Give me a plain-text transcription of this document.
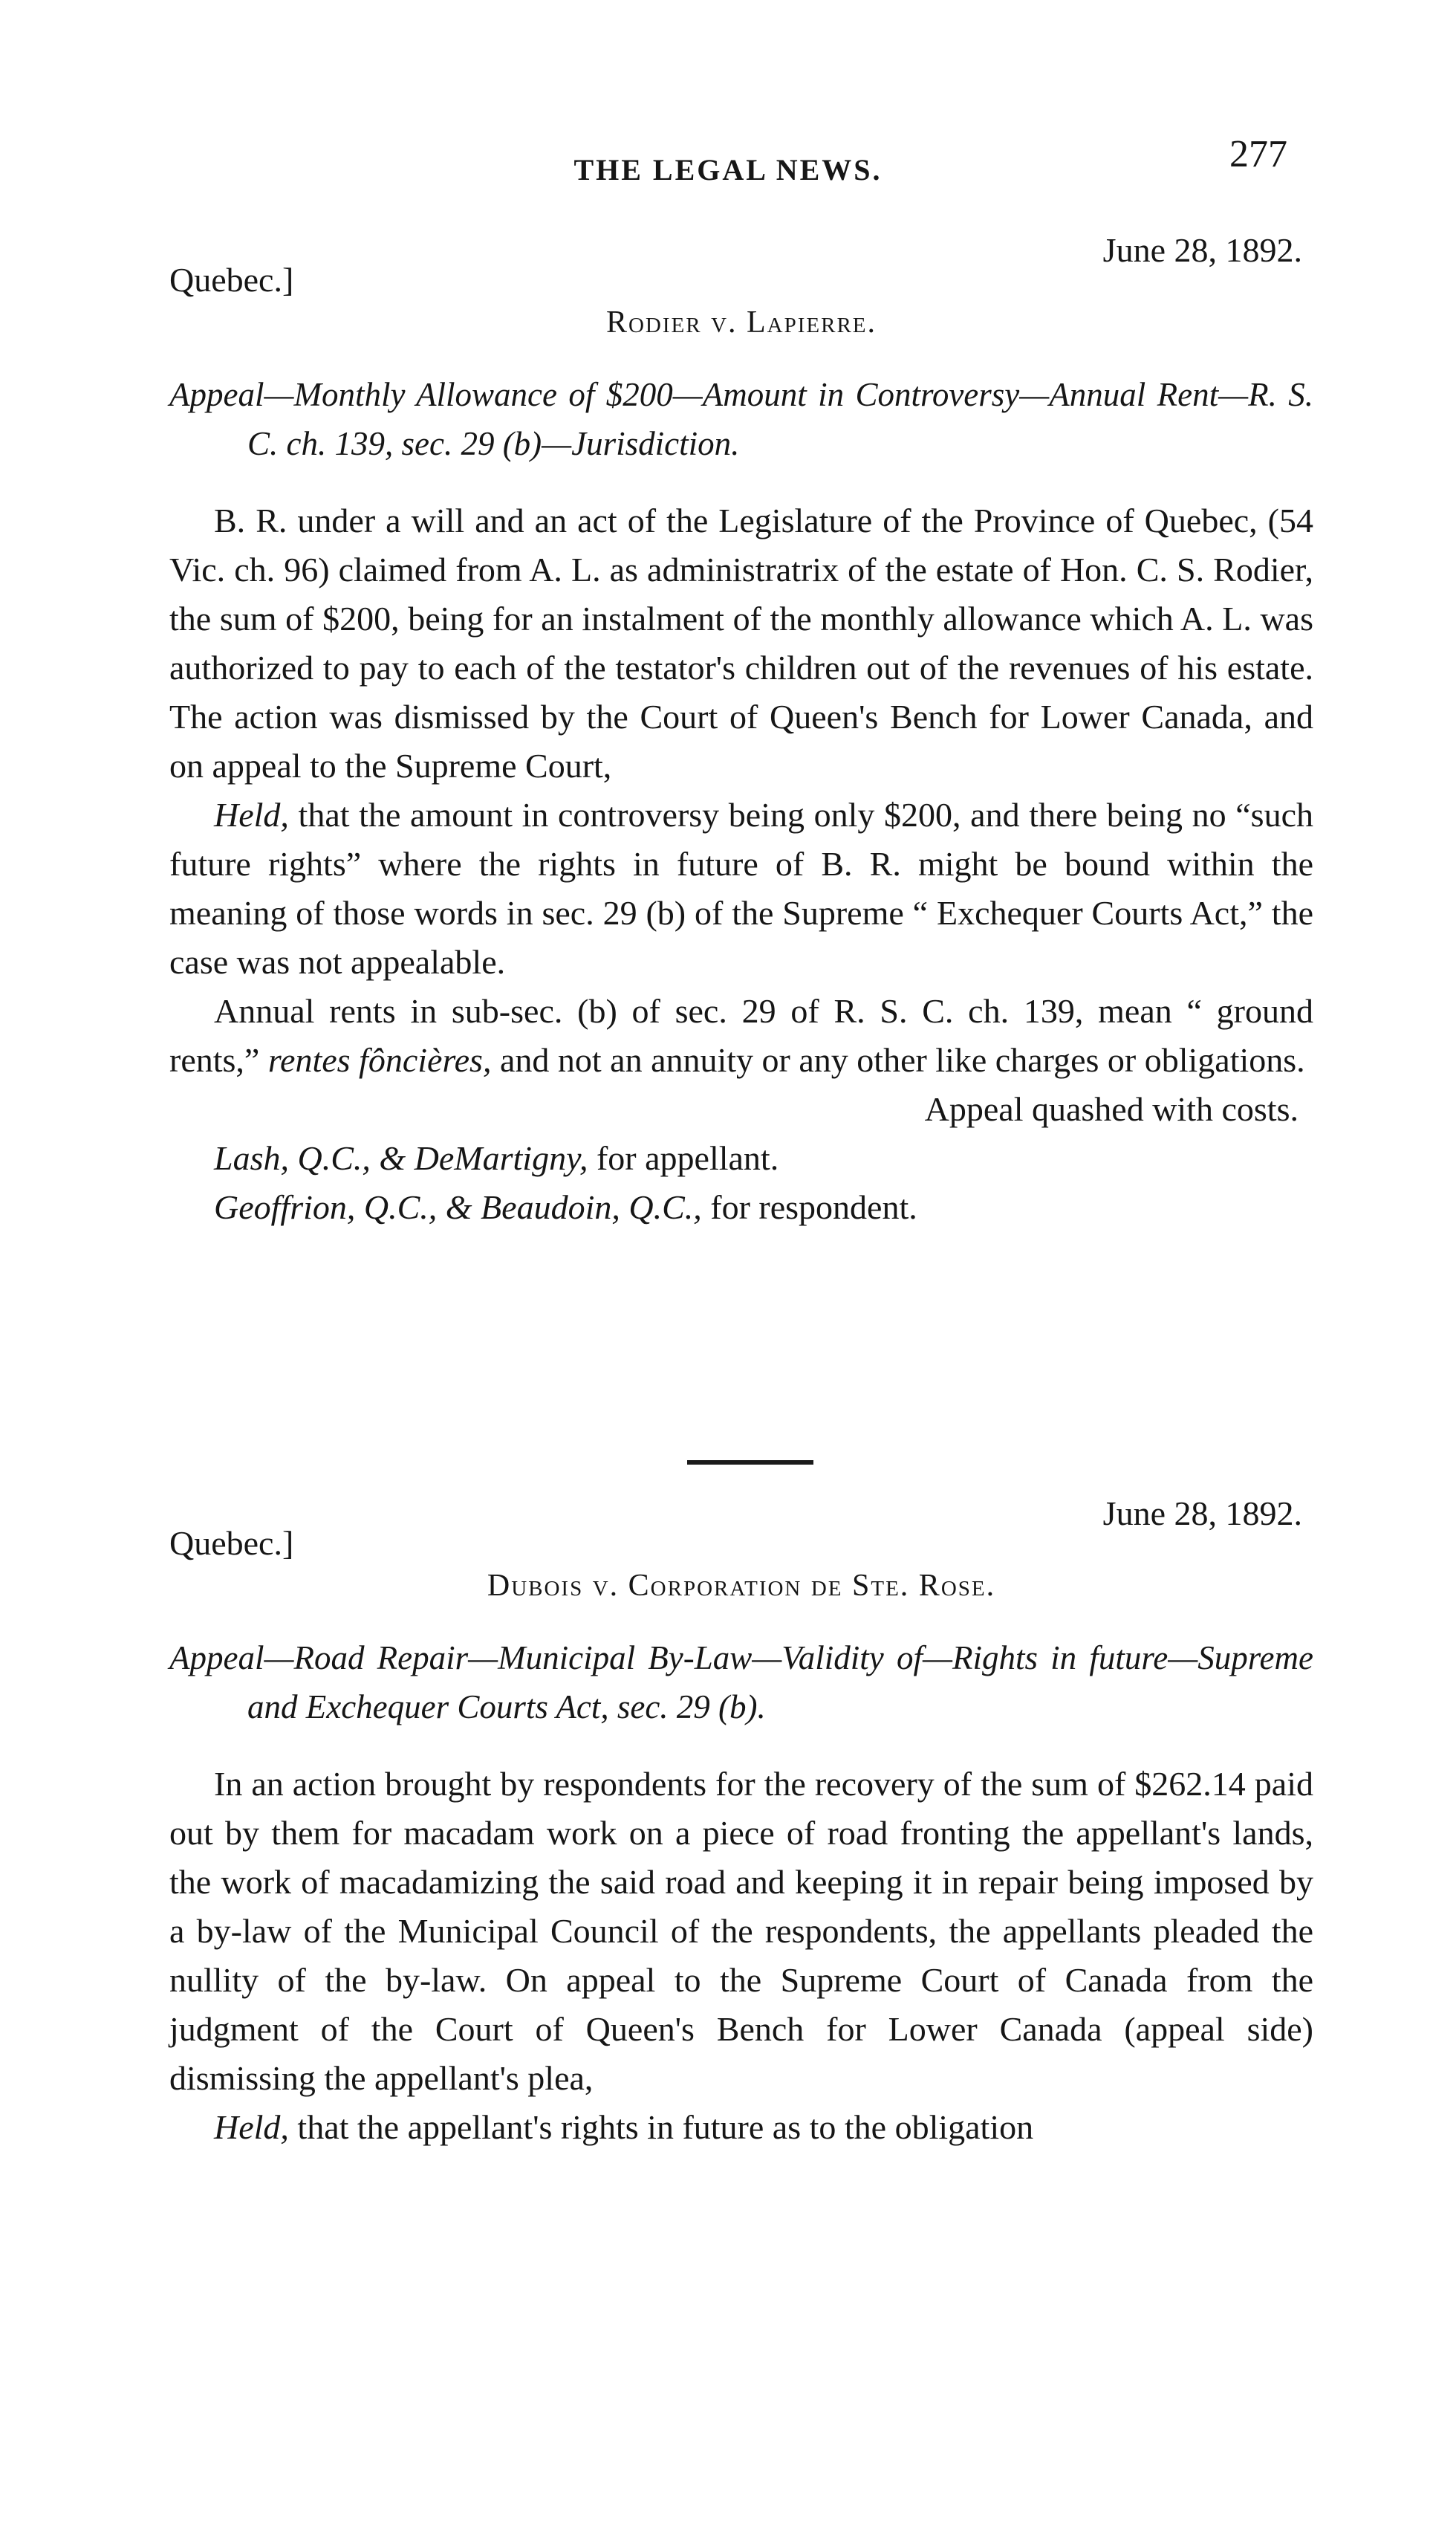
THE LEGAL NEWS.	277
Quebec.]
June 28, 1892.
Rodier v. Lapierre.
Appeal—Monthly Allowance of $200—Amount in Controversy—Annual Rent—R. S. C. ch. 139, sec. 29 (b)—Jurisdiction.

B. R. under a will and an act of the Legislature of the Province of Quebec, (54 Vic. ch. 96) claimed from A. L. as administratrix of the estate of Hon. C. S. Rodier, the sum of $200, being for an instalment of the monthly allowance which A. L. was authorized to pay to each of the testator's children out of the revenues of his estate. The action was dismissed by the Court of Queen's Bench for Lower Canada, and on appeal to the Supreme Court,

Held, that the amount in controversy being only $200, and there being no “such future rights” where the rights in future of B. R. might be bound within the meaning of those words in sec. 29 (b) of the Supreme “ Exchequer Courts Act,” the case was not appealable.

Annual rents in sub-sec. (b) of sec. 29 of R. S. C. ch. 139, mean “ ground rents,” rentes fôncières, and not an annuity or any other like charges or obligations.

Appeal quashed with costs.
Lash, Q.C., & DeMartigny, for appellant.
Geoffrion, Q.C., & Beaudoin, Q.C., for respondent.
Quebec.]
June 28, 1892.
Dubois v. Corporation de Ste. Rose.
Appeal—Road Repair—Municipal By-Law—Validity of—Rights in future—Supreme and Exchequer Courts Act, sec. 29 (b).

In an action brought by respondents for the recovery of the sum of $262.14 paid out by them for macadam work on a piece of road fronting the appellant's lands, the work of macadamizing the said road and keeping it in repair being imposed by a by-law of the Municipal Council of the respondents, the appellants pleaded the nullity of the by-law. On appeal to the Supreme Court of Canada from the judgment of the Court of Queen's Bench for Lower Canada (appeal side) dismissing the appellant's plea,

Held, that the appellant's rights in future as to the obligation
